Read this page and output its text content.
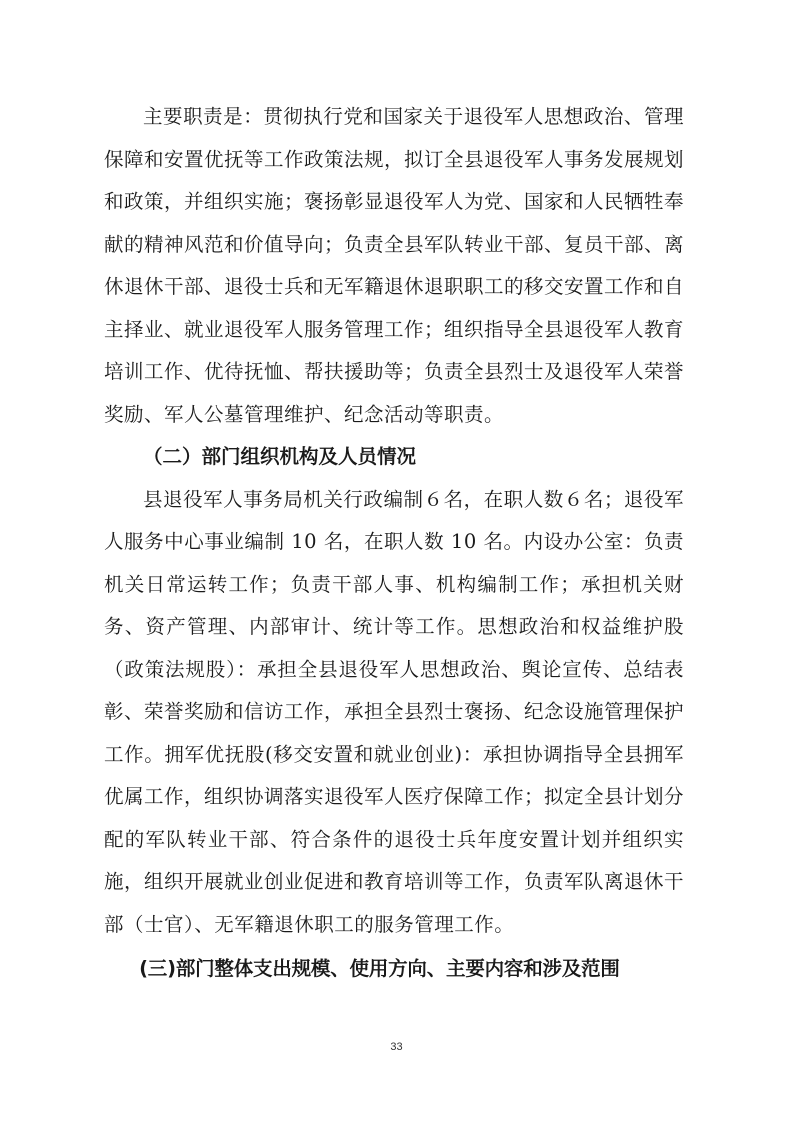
主要职责是：贯彻执行党和国家关于退役军人思想政治、管理保障和安置优抚等工作政策法规，拟订全县退役军人事务发展规划和政策，并组织实施；褒扬彰显退役军人为党、国家和人民牺牲奉献的精神风范和价值导向；负责全县军队转业干部、复员干部、离休退休干部、退役士兵和无军籍退休退职职工的移交安置工作和自主择业、就业退役军人服务管理工作；组织指导全县退役军人教育培训工作、优待抚恤、帮扶援助等；负责全县烈士及退役军人荣誉奖励、军人公墓管理维护、纪念活动等职责。

（二）部门组织机构及人员情况

县退役军人事务局机关行政编制６名，在职人数６名；退役军人服务中心事业编制 10 名，在职人数 10 名。内设办公室：负责机关日常运转工作；负责干部人事、机构编制工作；承担机关财务、资产管理、内部审计、统计等工作。思想政治和权益维护股（政策法规股）：承担全县退役军人思想政治、舆论宣传、总结表彰、荣誉奖励和信访工作，承担全县烈士褒扬、纪念设施管理保护工作。拥军优抚股(移交安置和就业创业)：承担协调指导全县拥军优属工作，组织协调落实退役军人医疗保障工作；拟定全县计划分配的军队转业干部、符合条件的退役士兵年度安置计划并组织实施，组织开展就业创业促进和教育培训等工作，负责军队离退休干部（士官）、无军籍退休职工的服务管理工作。

(三)部门整体支出规模、使用方向、主要内容和涉及范围

33
